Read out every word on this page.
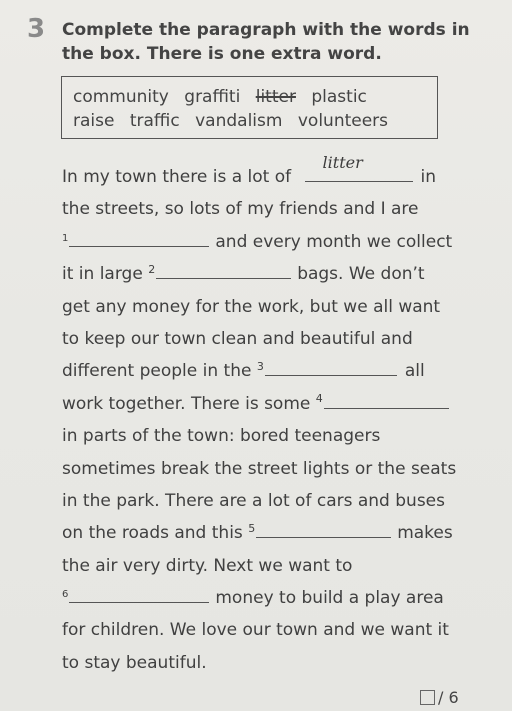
3 Complete the paragraph with the words in the box. There is one extra word.
community graffiti litter plastic
raise traffic vandalism volunteers
In my town there is a lot of
litter
in
the streets, so lots of my friends and I are
$^1$	and every month we collect
it in large $^2$	bags. We don’t
get any money for the work, but we all want
to keep our town clean and beautiful and
different people in the $^3$	all
work together. There is some $^4$
in parts of the town: bored teenagers
sometimes break the street lights or the seats
in the park. There are a lot of cars and buses
on the roads and this $^5$	makes
the air very dirty. Next we want to
$^6$	money to build a play area
for children. We love our town and we want it
to stay beautiful.
/ 6
